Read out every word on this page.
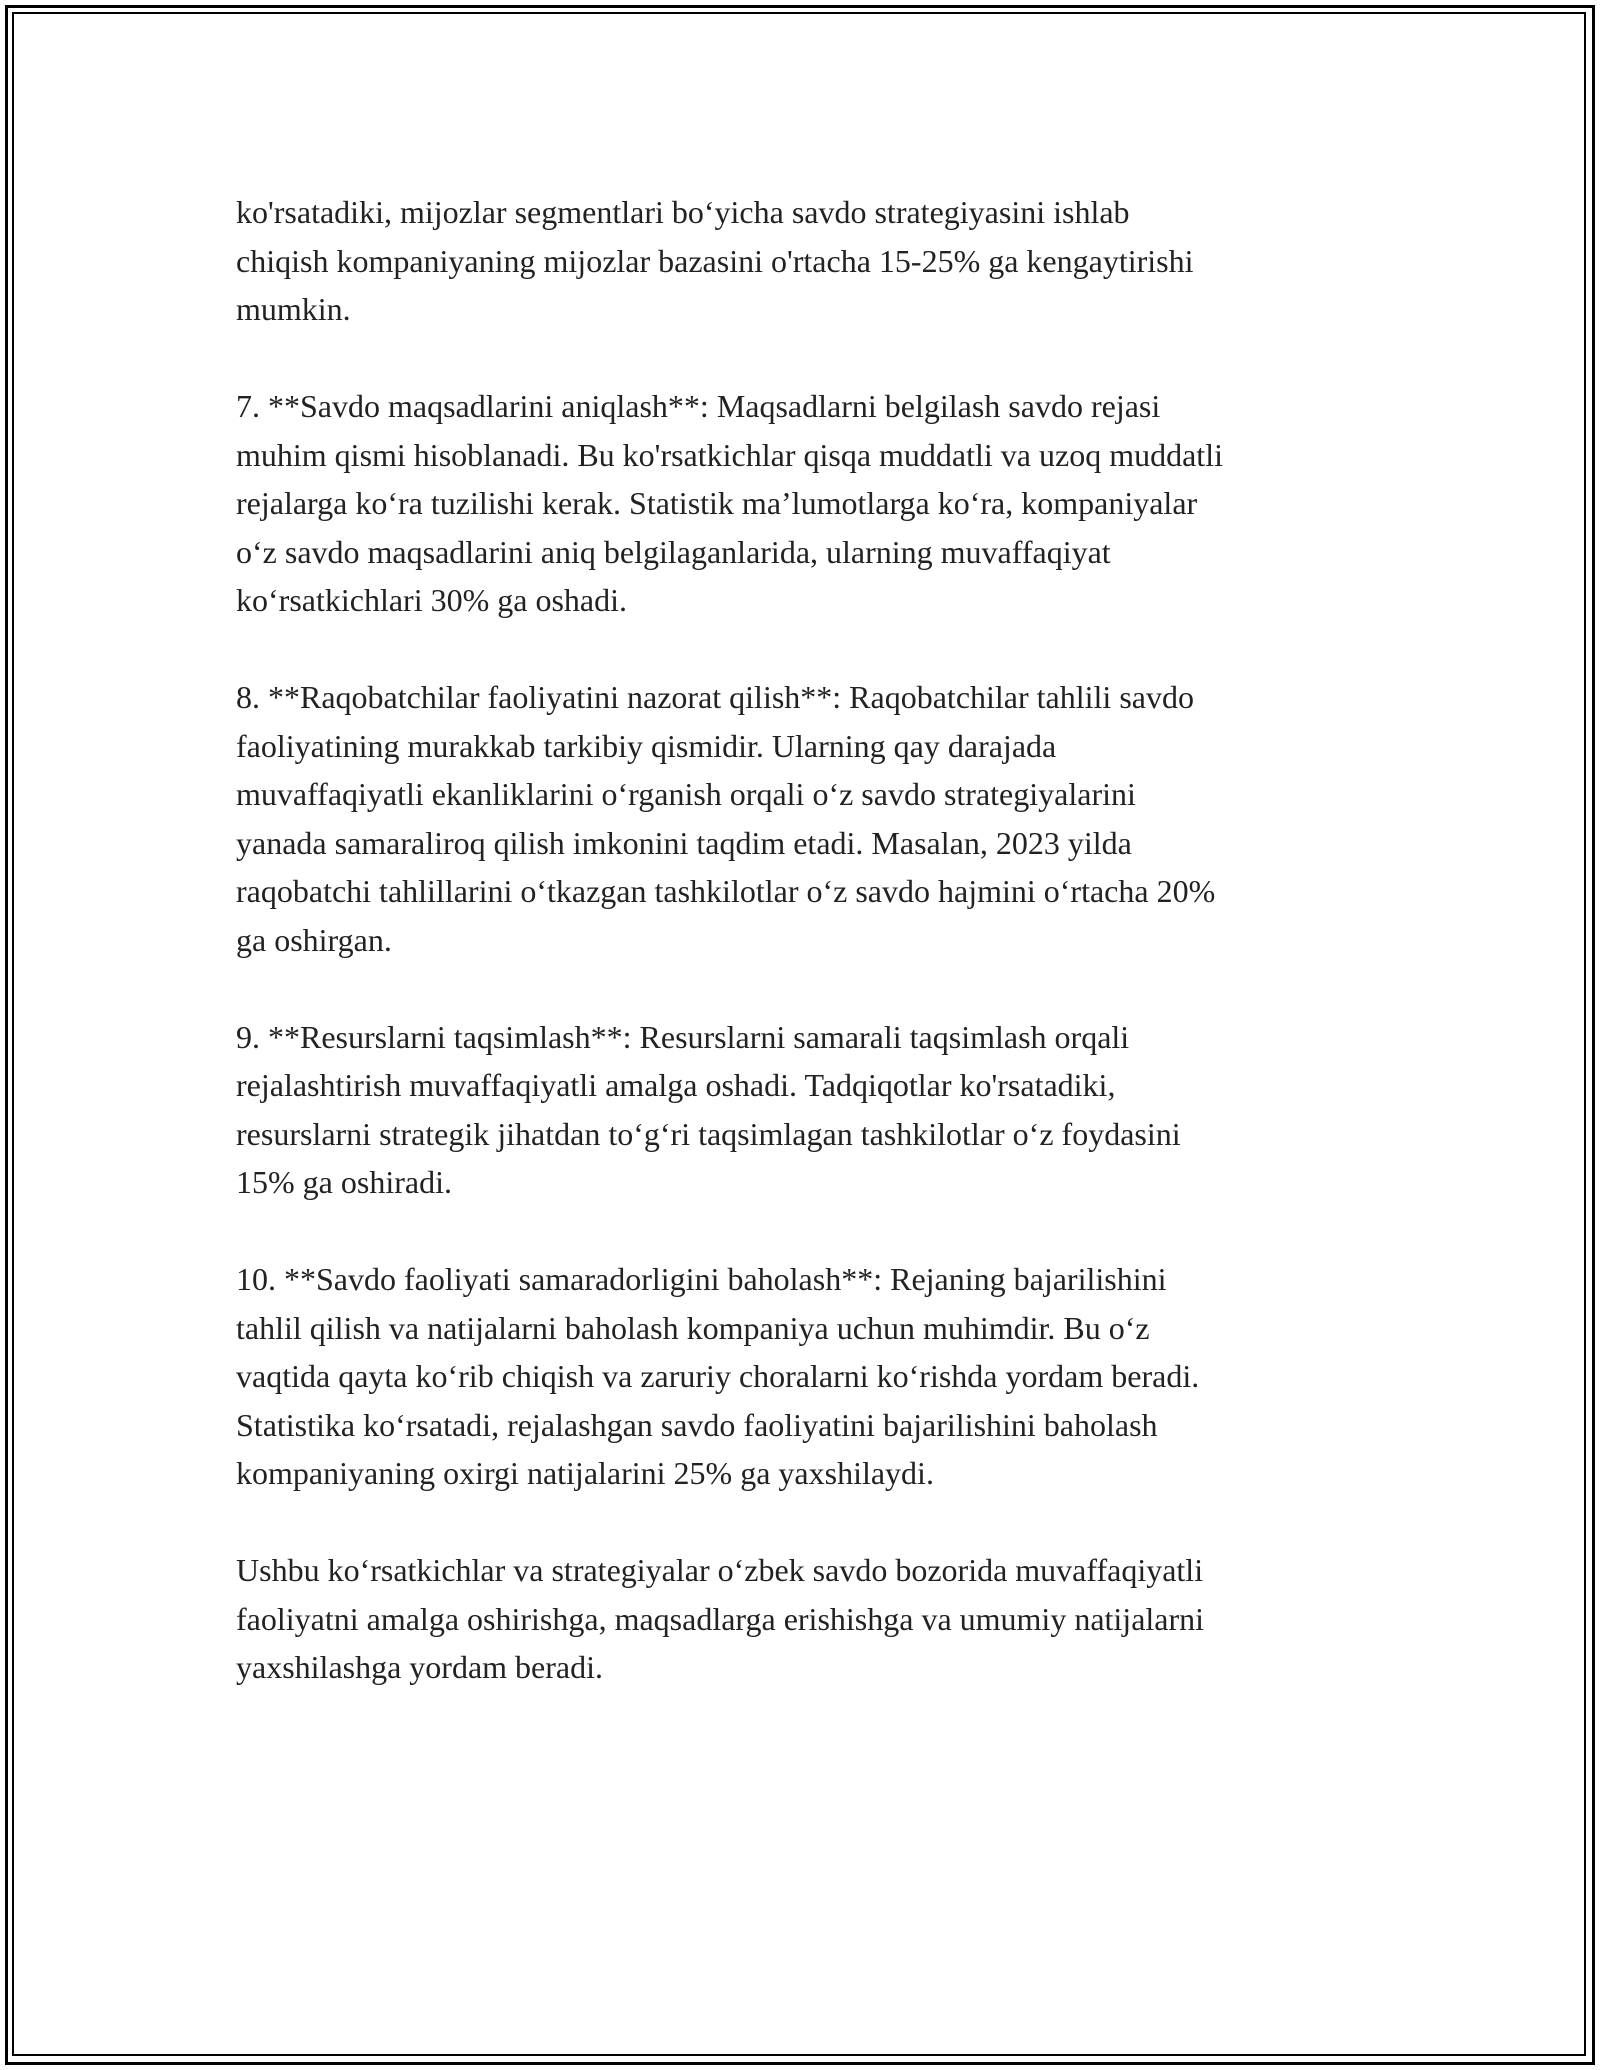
ko'rsatadiki, mijozlar segmentlari bo‘yicha savdo strategiyasini ishlab
chiqish kompaniyaning mijozlar bazasini o'rtacha 15-25% ga kengaytirishi
mumkin.

7. **Savdo maqsadlarini aniqlash**: Maqsadlarni belgilash savdo rejasi
muhim qismi hisoblanadi. Bu ko'rsatkichlar qisqa muddatli va uzoq muddatli
rejalarga ko‘ra tuzilishi kerak. Statistik ma’lumotlarga ko‘ra, kompaniyalar
o‘z savdo maqsadlarini aniq belgilaganlarida, ularning muvaffaqiyat
ko‘rsatkichlari 30% ga oshadi.

8. **Raqobatchilar faoliyatini nazorat qilish**: Raqobatchilar tahlili savdo
faoliyatining murakkab tarkibiy qismidir. Ularning qay darajada
muvaffaqiyatli ekanliklarini o‘rganish orqali o‘z savdo strategiyalarini
yanada samaraliroq qilish imkonini taqdim etadi. Masalan, 2023 yilda
raqobatchi tahlillarini o‘tkazgan tashkilotlar o‘z savdo hajmini o‘rtacha 20%
ga oshirgan.

9. **Resurslarni taqsimlash**: Resurslarni samarali taqsimlash orqali
rejalashtirish muvaffaqiyatli amalga oshadi. Tadqiqotlar ko'rsatadiki,
resurslarni strategik jihatdan to‘g‘ri taqsimlagan tashkilotlar o‘z foydasini
15% ga oshiradi.

10. **Savdo faoliyati samaradorligini baholash**: Rejaning bajarilishini
tahlil qilish va natijalarni baholash kompaniya uchun muhimdir. Bu o‘z
vaqtida qayta ko‘rib chiqish va zaruriy choralarni ko‘rishda yordam beradi.
Statistika ko‘rsatadi, rejalashgan savdo faoliyatini bajarilishini baholash
kompaniyaning oxirgi natijalarini 25% ga yaxshilaydi.

Ushbu ko‘rsatkichlar va strategiyalar o‘zbek savdo bozorida muvaffaqiyatli
faoliyatni amalga oshirishga, maqsadlarga erishishga va umumiy natijalarni
yaxshilashga yordam beradi.
